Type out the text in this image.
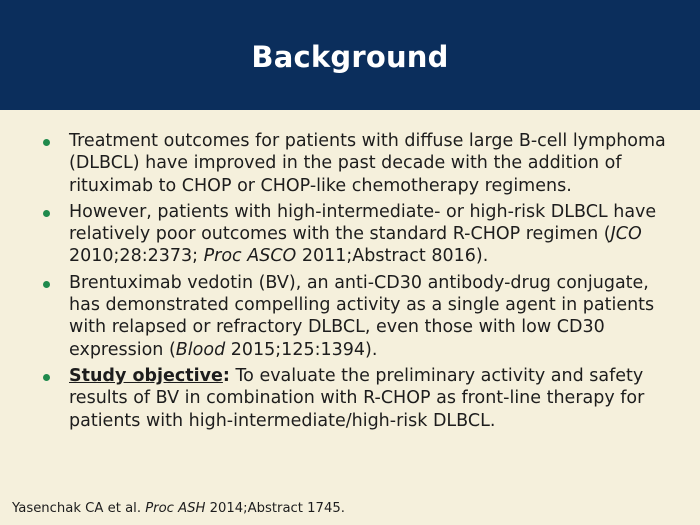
Background
Treatment outcomes for patients with diffuse large B-cell lymphoma (DLBCL) have improved in the past decade with the addition of rituximab to CHOP or CHOP-like chemotherapy regimens.
However, patients with high-intermediate- or high-risk DLBCL have relatively poor outcomes with the standard R-CHOP regimen (JCO 2010;28:2373; Proc ASCO 2011;Abstract 8016).
Brentuximab vedotin (BV), an anti-CD30 antibody-drug conjugate, has demonstrated compelling activity as a single agent in patients with relapsed or refractory DLBCL, even those with low CD30 expression (Blood 2015;125:1394).
Study objective: To evaluate the preliminary activity and safety results of BV in combination with R-CHOP as front-line therapy for patients with high-intermediate/high-risk DLBCL.
Yasenchak CA et al. Proc ASH 2014;Abstract 1745.
